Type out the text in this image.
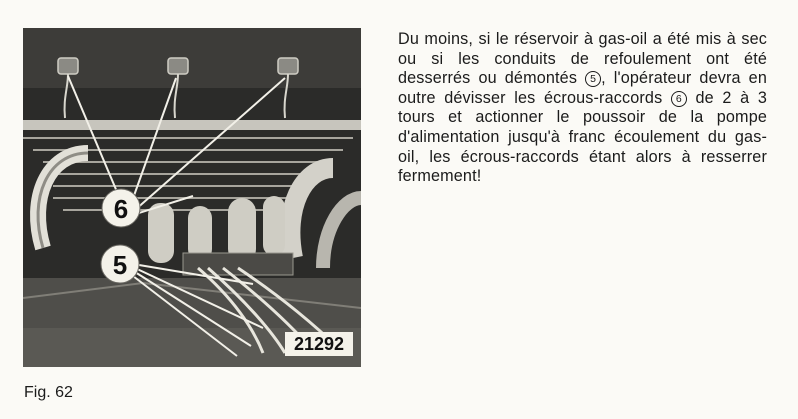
6
5
21292

Du moins, si le réservoir à gas-oil a été mis à sec ou si les conduits de refoulement ont été desserrés ou démontés 5 , l'opérateur devra en outre dévisser les écrous-raccords 6 de 2 à 3 tours et actionner le poussoir de la pompe d'alimentation jusqu'à franc écoulement du gas-oil, les écrous-raccords étant alors à resserrer fermement!

Fig. 62
